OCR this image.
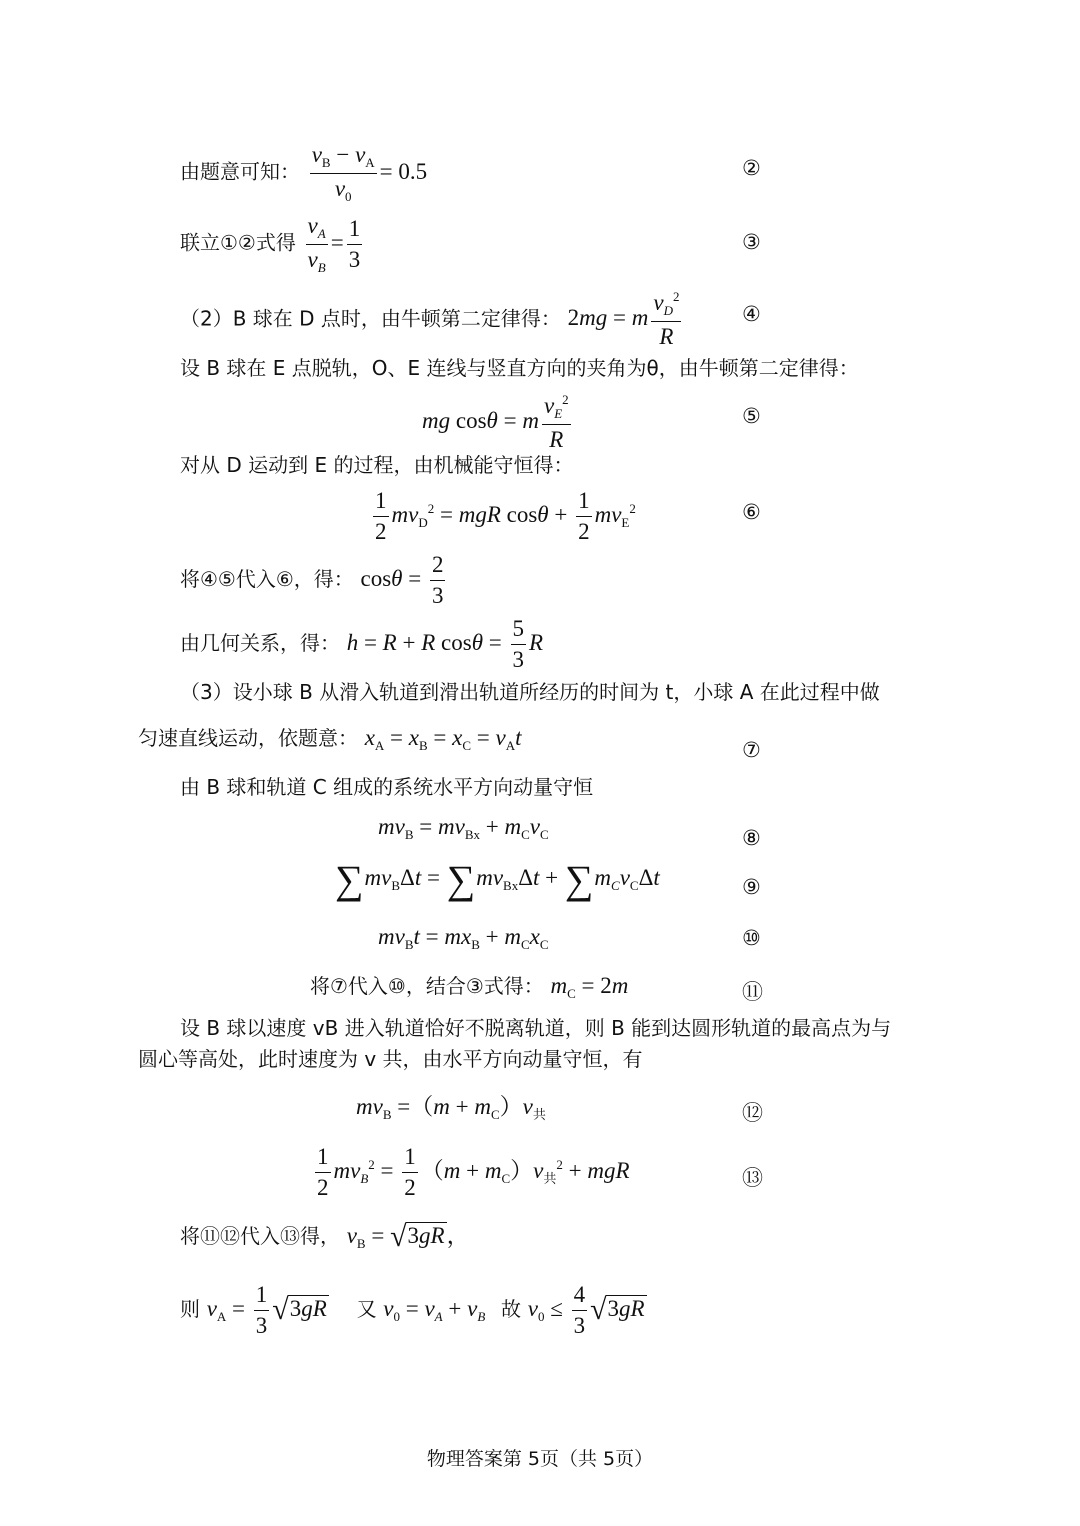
由题意可知： $\frac{v_B - v_A}{v_0} = 0.5$	②
联立①②式得 $\frac{v_A}{v_B} = \frac{1}{3}$	③
（2）B 球在 D 点时，由牛顿第二定律得： 2mg = m $\frac{v_D^2}{R}$	④
设 B 球在 E 点脱轨，O、E 连线与竖直方向的夹角为θ，由牛顿第二定律得：
mg cosθ = m $\frac{v_E^2}{R}$	⑤
对从 D 运动到 E 的过程，由机械能守恒得：
$\frac{1}{2} mv_D^2$ = mgR $\cos\theta + \frac{1}{2} mv_E^2$	⑥
将④⑤代入⑥，得： $\cos\theta = \frac{2}{3}$
由几何关系，得： h = R + R $\cos\theta = \frac{5}{3}$ R
（3）设小球 B 从滑入轨道到滑出轨道所经历的时间为 t，小球 A 在此过程中做
匀速直线运动，依题意： $x_A = x_B = x_C = v_At$	⑦
由 B 球和轨道 C 组成的系统水平方向动量守恒
$mv_B = mv_{Bx} + m_Cv_C$	⑧
$\sum mv_B\Delta t = \sum mv_{Bx}\Delta t + \sum m_Cv_C\Delta t$	⑨
$mv_Bt = mx_B + m_Cx_C$	⑩
将⑦代入⑩，结合③式得： $m_C = 2m$	⑪
设 B 球以速度 vB 进入轨道恰好不脱离轨道，则 B 能到达圆形轨道的最高点为与
圆心等高处，此时速度为 v 共，由水平方向动量守恒，有
$mv_B =(m + m_C)v_共$	⑫
$\frac{1}{2} mv_B^2 = \frac{1}{2} (m + m_C)v_共^2$ + mgR	⑬
将⑪⑫代入⑬得， $v_B = √3gR$，
则 $v_A = \frac{1}{3} √3gR$ 又 $v_0 = v_A + v_B$ 故 $v_0 \le \frac{4}{3} √3gR$
物理答案第 5页（共 5页）
